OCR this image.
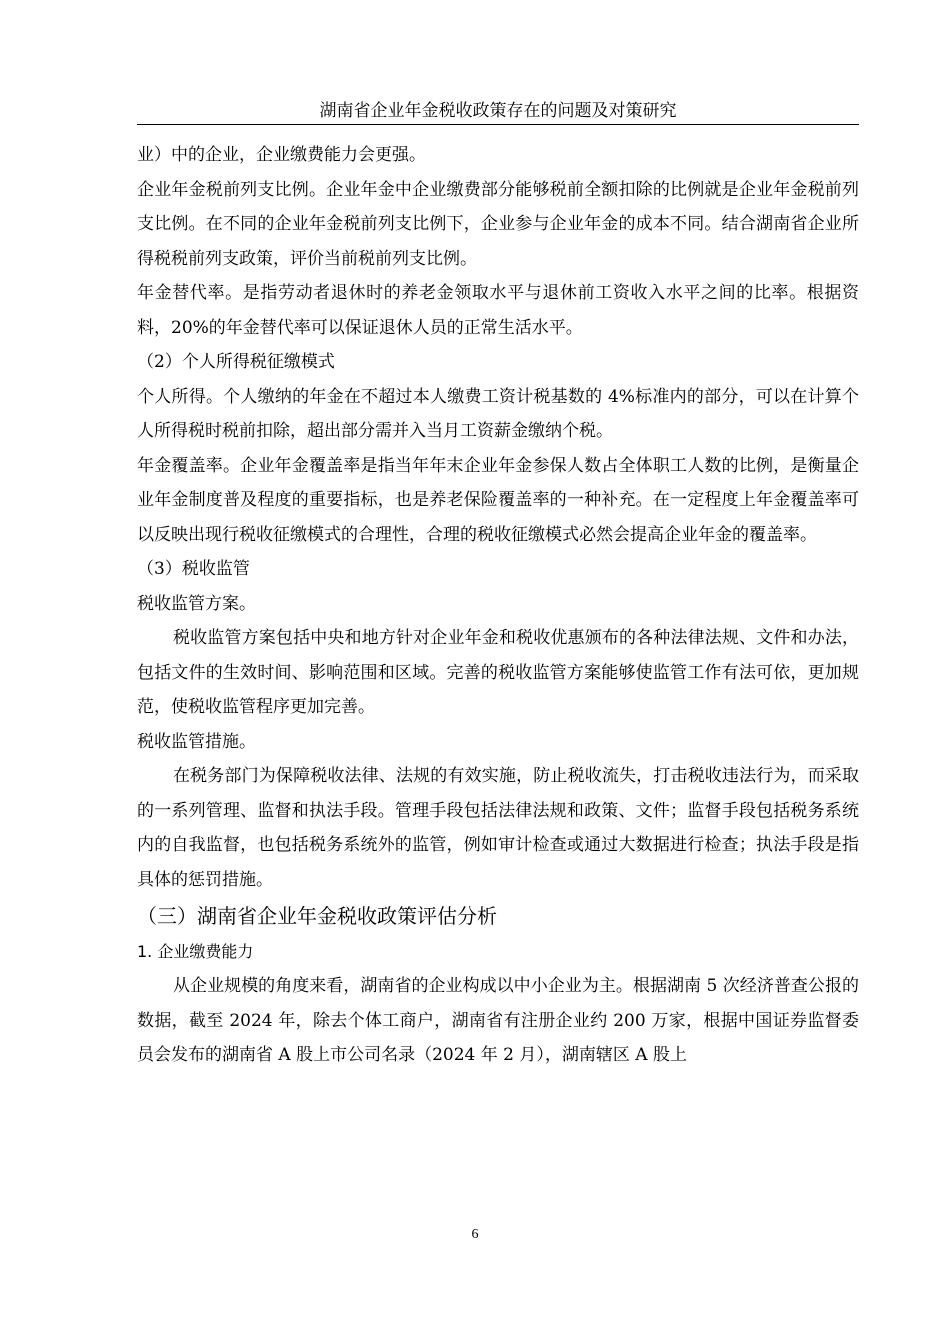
湖南省企业年金税收政策存在的问题及对策研究

业）中的企业，企业缴费能力会更强。

企业年金税前列支比例。企业年金中企业缴费部分能够税前全额扣除的比例就是企业年金税前列支比例。在不同的企业年金税前列支比例下，企业参与企业年金的成本不同。结合湖南省企业所得税税前列支政策，评价当前税前列支比例。

年金替代率。是指劳动者退休时的养老金领取水平与退休前工资收入水平之间的比率。根据资料，20%的年金替代率可以保证退休人员的正常生活水平。

（2）个人所得税征缴模式

个人所得。个人缴纳的年金在不超过本人缴费工资计税基数的 4%标准内的部分，可以在计算个人所得税时税前扣除，超出部分需并入当月工资薪金缴纳个税。

年金覆盖率。企业年金覆盖率是指当年年末企业年金参保人数占全体职工人数的比例，是衡量企业年金制度普及程度的重要指标，也是养老保险覆盖率的一种补充。在一定程度上年金覆盖率可以反映出现行税收征缴模式的合理性，合理的税收征缴模式必然会提高企业年金的覆盖率。

（3）税收监管

税收监管方案。

税收监管方案包括中央和地方针对企业年金和税收优惠颁布的各种法律法规、文件和办法，包括文件的生效时间、影响范围和区域。完善的税收监管方案能够使监管工作有法可依，更加规范，使税收监管程序更加完善。

税收监管措施。

在税务部门为保障税收法律、法规的有效实施，防止税收流失，打击税收违法行为，而采取的一系列管理、监督和执法手段。管理手段包括法律法规和政策、文件；监督手段包括税务系统内的自我监督，也包括税务系统外的监管，例如审计检查或通过大数据进行检查；执法手段是指具体的惩罚措施。

（三）湖南省企业年金税收政策评估分析

1. 企业缴费能力

从企业规模的角度来看，湖南省的企业构成以中小企业为主。根据湖南 5 次经济普查公报的数据，截至 2024 年，除去个体工商户，湖南省有注册企业约 200 万家，根据中国证券监督委员会发布的湖南省 A 股上市公司名录（2024 年 2 月），湖南辖区 A 股上

6
